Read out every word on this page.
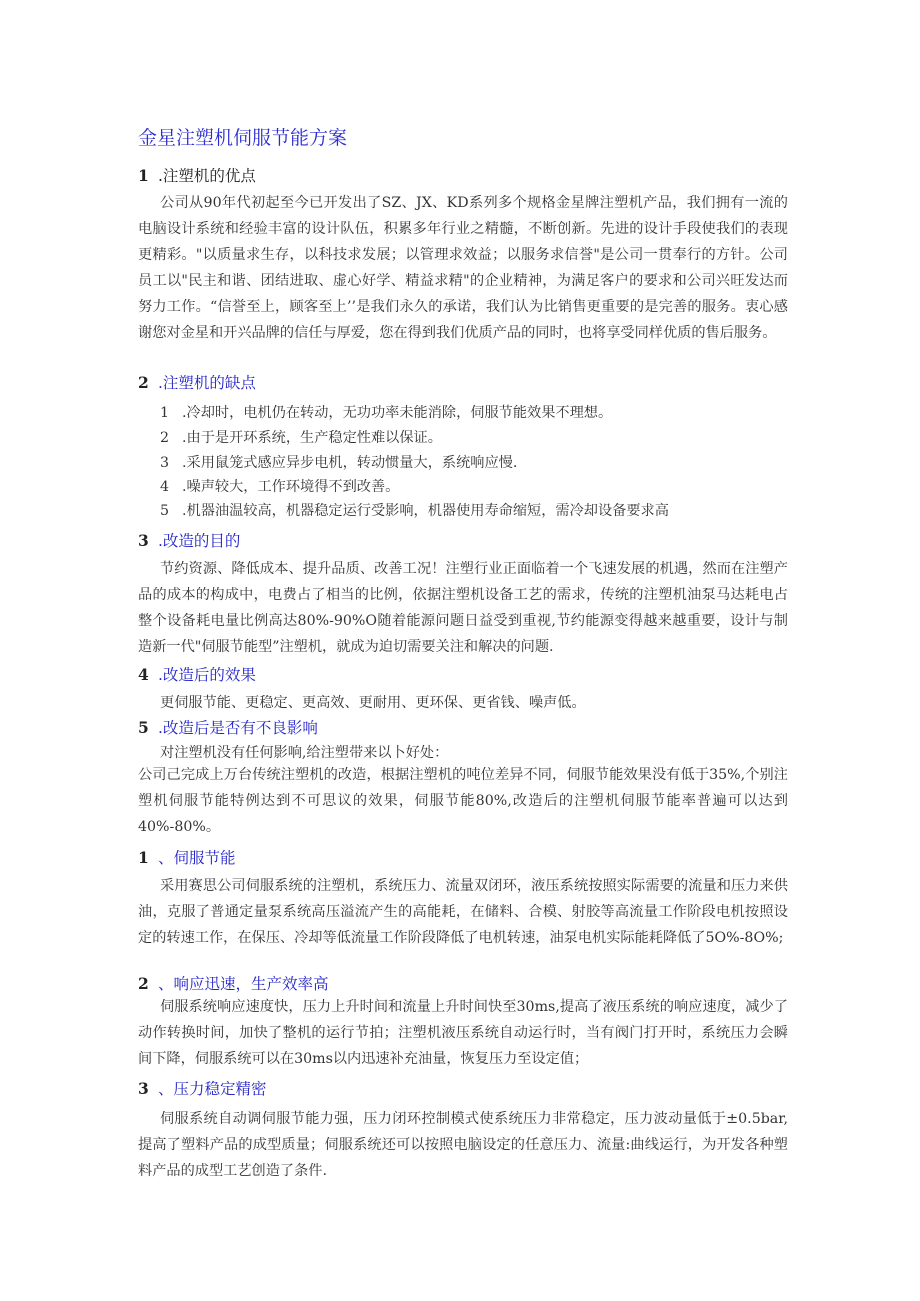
金星注塑机伺服节能方案
1 .注塑机的优点

公司从90年代初起至今已开发出了SZ、JX、KD系列多个规格金星牌注塑机产品，我们拥有一流的电脑设计系统和经验丰富的设计队伍，积累多年行业之精髓，不断创新。先进的设计手段使我们的表现更精彩。"以质量求生存，以科技求发展；以管理求效益；以服务求信誉"是公司一贯奉行的方针。公司员工以"民主和谐、团结进取、虚心好学、精益求精"的企业精神，为满足客户的要求和公司兴旺发达而努力工作。“信誉至上，顾客至上’’是我们永久的承诺，我们认为比销售更重要的是完善的服务。衷心感谢您对金星和开兴品牌的信任与厚爱，您在得到我们优质产品的同时，也将享受同样优质的售后服务。

2 .注塑机的缺点
1 .冷却时，电机仍在转动，无功功率未能消除，伺服节能效果不理想。
2 .由于是开环系统，生产稳定性难以保证。
3 .采用鼠笼式感应异步电机，转动惯量大，系统响应慢.
4 .噪声较大，工作环境得不到改善。
5 .机器油温较高，机器稳定运行受影响，机器使用寿命缩短，需冷却设备要求高
3 .改造的目的

节约资源、降低成本、提升品质、改善工况！注塑行业正面临着一个飞速发展的机遇，然而在注塑产品的成本的构成中，电费占了相当的比例，依据注塑机设备工艺的需求，传统的注塑机油泵马达耗电占整个设备耗电量比例高达80%-90%O随着能源问题日益受到重视,节约能源变得越来越重要，设计与制造新一代"伺服节能型”注塑机，就成为迫切需要关注和解决的问题.

4 .改造后的效果
更伺服节能、更稳定、更高效、更耐用、更环保、更省钱、噪声低。
5 .改造后是否有不良影响
对注塑机没有任何影响,给注塑带来以卜好处：

公司己完成上万台传统注塑机的改造，根据注塑机的吨位差异不同，伺服节能效果没有低于35%,个别注塑机伺服节能特例达到不可思议的效果，伺服节能80%,改造后的注塑机伺服节能率普遍可以达到40%-80%。

1 、伺服节能

采用赛思公司伺服系统的注塑机，系统压力、流量双闭环，液压系统按照实际需要的流量和压力来供油，克服了普通定量泵系统高压溢流产生的高能耗，在储料、合模、射胶等高流量工作阶段电机按照设定的转速工作，在保压、冷却等低流量工作阶段降低了电机转速，油泵电机实际能耗降低了5O%-8O%;

2 、响应迅速，生产效率高

伺服系统响应速度快，压力上升时间和流量上升时间快至30ms,提高了液压系统的响应速度，减少了动作转换时间，加快了整机的运行节拍；注塑机液压系统自动运行时，当有阀门打开时，系统压力会瞬间下降，伺服系统可以在30ms以内迅速补充油量，恢复压力至设定值；

3 、压力稳定精密

伺服系统自动调伺服节能力强，压力闭环控制模式使系统压力非常稳定，压力波动量低于±0.5bar,提高了塑料产品的成型质量；伺服系统还可以按照电脑设定的任意压力、流量:曲线运行，为开发各种塑料产品的成型工艺创造了条件.
